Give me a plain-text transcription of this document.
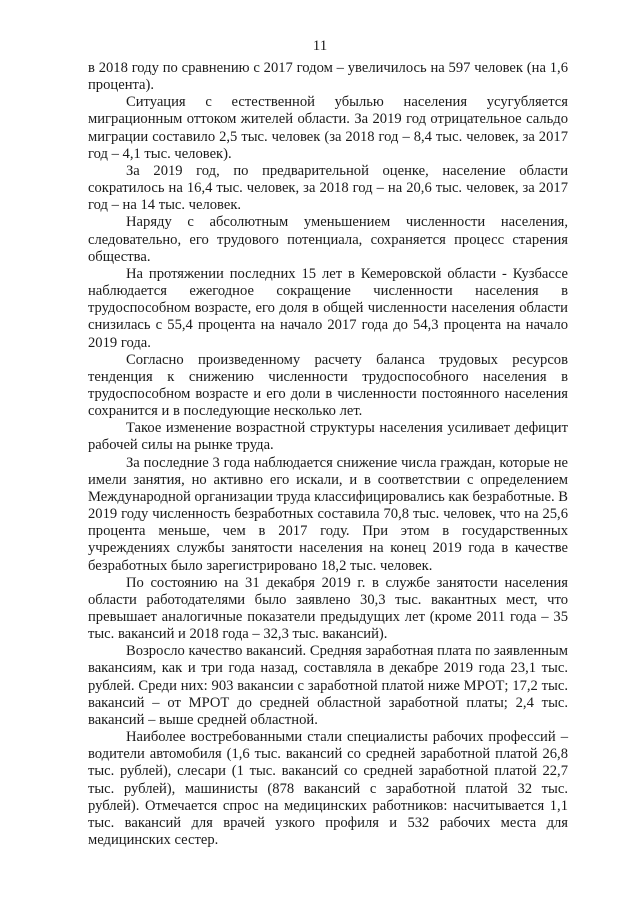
11

в 2018 году по сравнению с 2017 годом – увеличилось на 597 человек (на 1,6 процента).

Ситуация с естественной убылью населения усугубляется миграционным оттоком жителей области. За 2019 год отрицательное сальдо миграции составило 2,5 тыс. человек (за 2018 год – 8,4 тыс. человек, за 2017 год – 4,1 тыс. человек).

За 2019 год, по предварительной оценке, население области сократилось на 16,4 тыс. человек, за 2018 год – на 20,6 тыс. человек, за 2017 год – на 14 тыс. человек.

Наряду с абсолютным уменьшением численности населения, следовательно, его трудового потенциала, сохраняется процесс старения общества.

На протяжении последних 15 лет в Кемеровской области - Кузбассе наблюдается ежегодное сокращение численности населения в трудоспособном возрасте, его доля в общей численности населения области снизилась с 55,4 процента на начало 2017 года до 54,3 процента на начало 2019 года.

Согласно произведенному расчету баланса трудовых ресурсов тенденция к снижению численности трудоспособного населения в трудоспособном возрасте и его доли в численности постоянного населения сохранится и в последующие несколько лет.

Такое изменение возрастной структуры населения усиливает дефицит рабочей силы на рынке труда.

За последние 3 года наблюдается снижение числа граждан, которые не имели занятия, но активно его искали, и в соответствии с определением Международной организации труда классифицировались как безработные. В 2019 году численность безработных составила 70,8 тыс. человек, что на 25,6 процента меньше, чем в 2017 году. При этом в государственных учреждениях службы занятости населения на конец 2019 года в качестве безработных было зарегистрировано 18,2 тыс. человек.

По состоянию на 31 декабря 2019 г. в службе занятости населения области работодателями было заявлено 30,3 тыс. вакантных мест, что превышает аналогичные показатели предыдущих лет (кроме 2011 года – 35 тыс. вакансий и 2018 года – 32,3 тыс. вакансий).

Возросло качество вакансий. Средняя заработная плата по заявленным вакансиям, как и три года назад, составляла в декабре 2019 года 23,1 тыс. рублей. Среди них: 903 вакансии с заработной платой ниже МРОТ; 17,2 тыс. вакансий – от МРОТ до средней областной заработной платы; 2,4 тыс. вакансий – выше средней областной.

Наиболее востребованными стали специалисты рабочих профессий – водители автомобиля (1,6 тыс. вакансий со средней заработной платой 26,8 тыс. рублей), слесари (1 тыс. вакансий со средней заработной платой 22,7 тыс. рублей), машинисты (878 вакансий с заработной платой 32 тыс. рублей). Отмечается спрос на медицинских работников: насчитывается 1,1 тыс. вакансий для врачей узкого профиля и 532 рабочих места для медицинских сестер.
